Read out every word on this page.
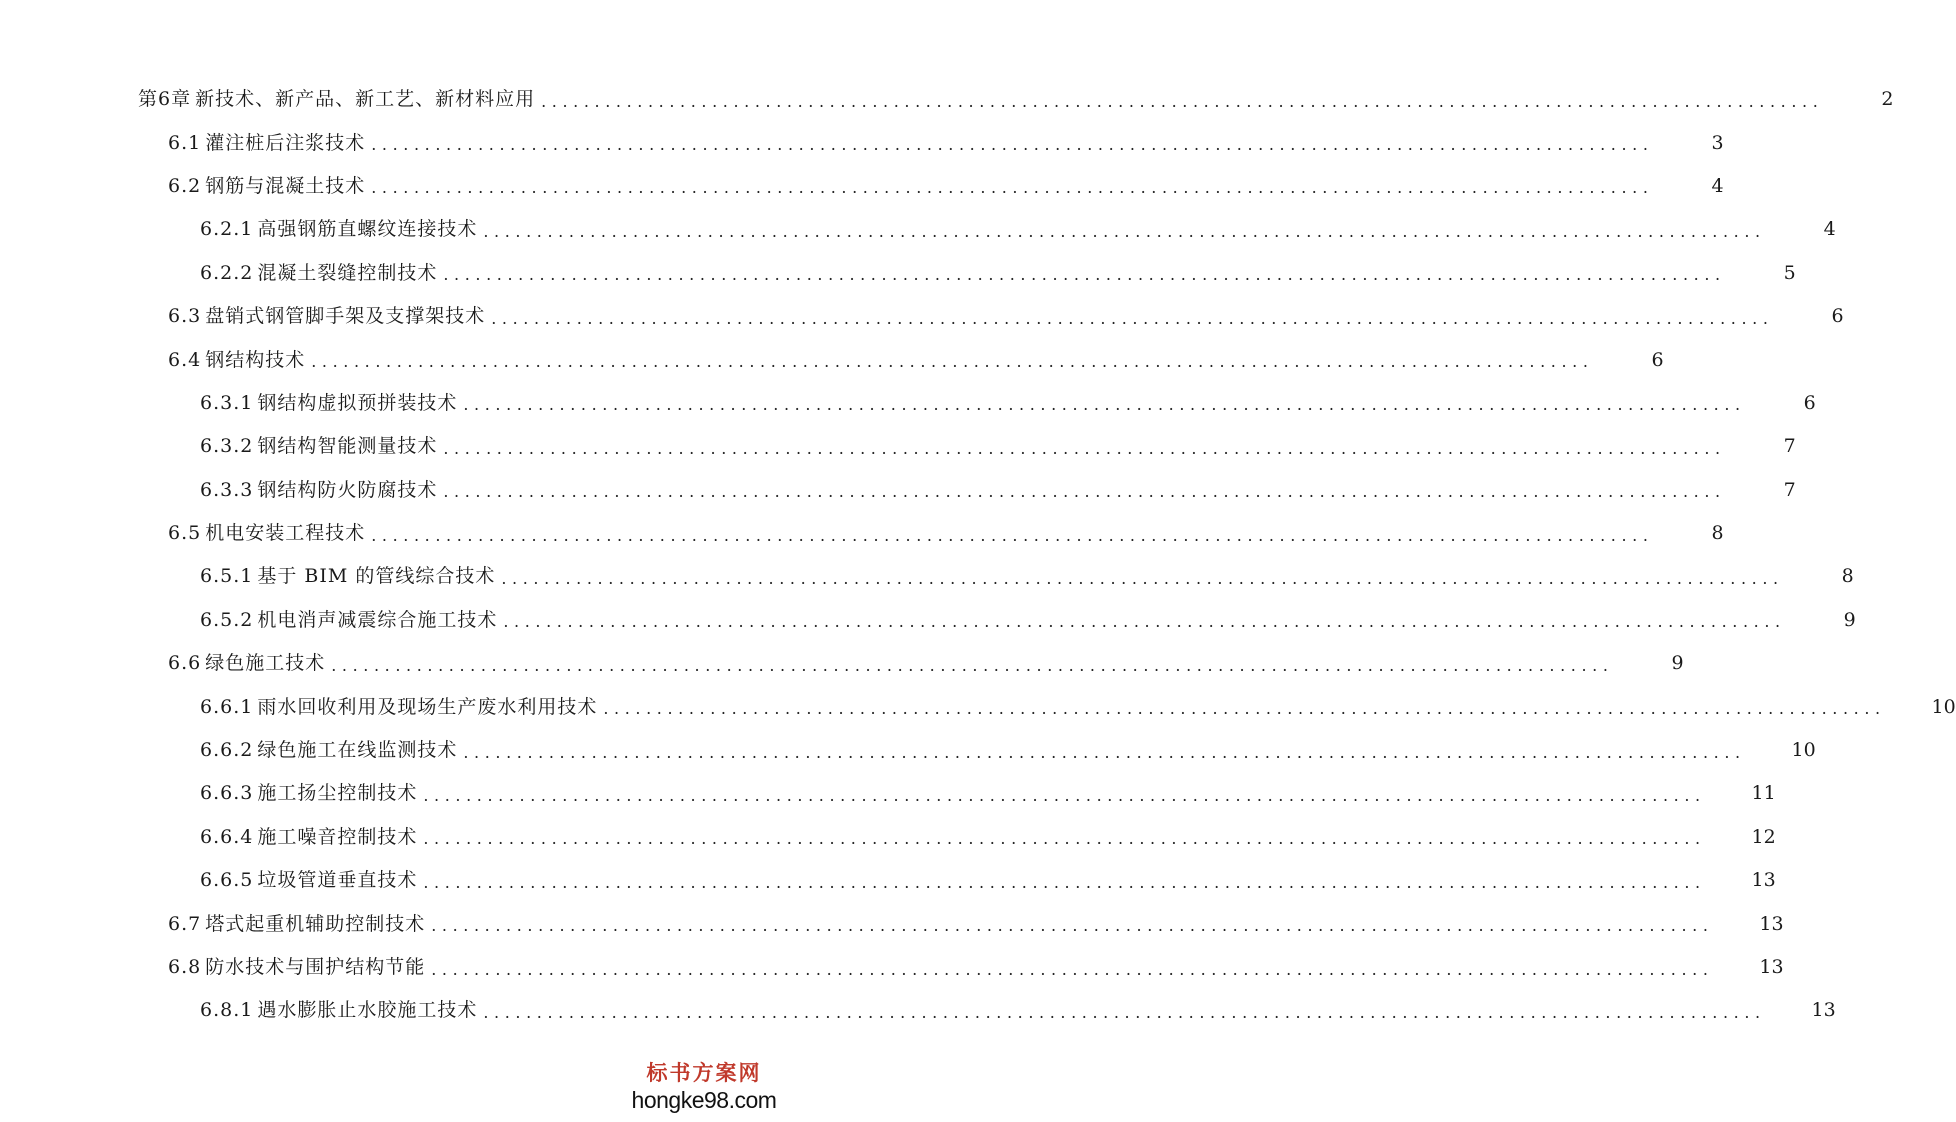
第6章 新技术、新产品、新工艺、新材料应用 ........................................................................................................................	2
6.1 灌注桩后注浆技术 ........................................................................................................................	3
6.2 钢筋与混凝土技术 ........................................................................................................................	4
6.2.1 高强钢筋直螺纹连接技术 ........................................................................................................................	4
6.2.2 混凝土裂缝控制技术 ........................................................................................................................	5
6.3 盘销式钢管脚手架及支撑架技术 ........................................................................................................................	6
6.4 钢结构技术 ........................................................................................................................	6
6.3.1 钢结构虚拟预拼装技术 ........................................................................................................................	6
6.3.2 钢结构智能测量技术 ........................................................................................................................	7
6.3.3 钢结构防火防腐技术 ........................................................................................................................	7
6.5 机电安装工程技术 ........................................................................................................................	8
6.5.1 基于 BIM 的管线综合技术 ........................................................................................................................	8
6.5.2 机电消声减震综合施工技术 ........................................................................................................................	9
6.6 绿色施工技术 ........................................................................................................................	9
6.6.1 雨水回收利用及现场生产废水利用技术 ........................................................................................................................	10
6.6.2 绿色施工在线监测技术 ........................................................................................................................	10
6.6.3 施工扬尘控制技术 ........................................................................................................................	11
6.6.4 施工噪音控制技术 ........................................................................................................................	12
6.6.5 垃圾管道垂直技术 ........................................................................................................................	13
6.7 塔式起重机辅助控制技术 ........................................................................................................................	13
6.8 防水技术与围护结构节能 ........................................................................................................................	13
6.8.1 遇水膨胀止水胶施工技术 ........................................................................................................................	13
标书方案网
hongke98.com
